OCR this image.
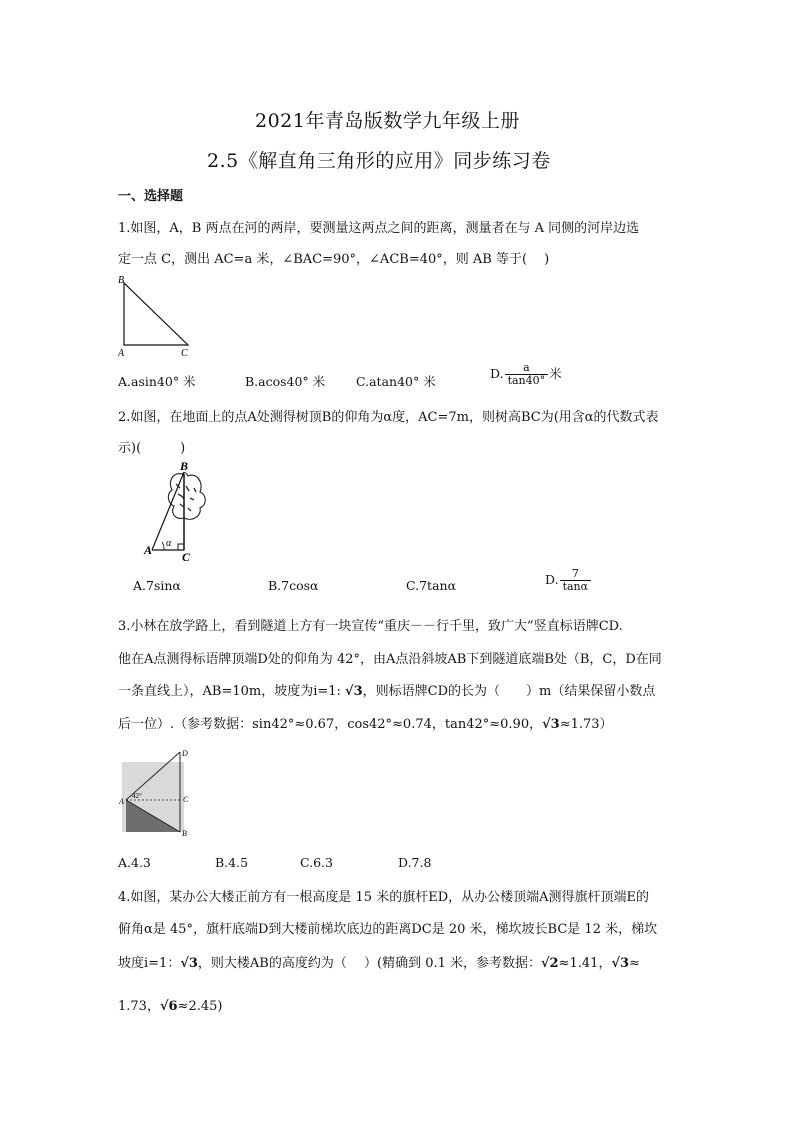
2021年青岛版数学九年级上册
2.5《解直角三角形的应用》同步练习卷
一、选择题
1.如图，A，B 两点在河的两岸，要测量这两点之间的距离，测量者在与 A 同侧的河岸边选
定一点 C，测出 AC=a 米，∠BAC=90°，∠ACB=40°，则 AB 等于(　 )
B
A	C
A.asin40° 米	B.acos40° 米 C.atan40° 米
D. $\frac{a}{\tan 40^\circ}$ 米
2.如图，在地面上的点A处测得树顶B的仰角为α度，AC=7m，则树高BC为(用含α的代数式表
示)(　　　)
B
A C
α
A.7sinα	B.7cosα	C.7tanα	D. $\frac{7}{\tan\alpha}$
3.小林在放学路上，看到隧道上方有一块宣传“重庆－－行千里，致广大”竖直标语牌CD.
他在A点测得标语牌顶端D处的仰角为 42°，由A点沿斜坡AB下到隧道底端B处（B，C，D在同
一条直线上），AB=10m，坡度为i=1: √3，则标语牌CD的长为（　　）m（结果保留小数点
后一位）.（参考数据：sin42°≈0.67，cos42°≈0.74，tan42°≈0.90，√3≈1.73）
D
C
A
B
42°
A.4.3	B.4.5	C.6.3	D.7.8
4.如图，某办公大楼正前方有一根高度是 15 米的旗杆ED，从办公楼顶端A测得旗杆顶端E的
俯角α是 45°，旗杆底端D到大楼前梯坎底边的距离DC是 20 米，梯坎坡长BC是 12 米，梯坎
坡度i=1：√3，则大楼AB的高度约为（　 ）(精确到 0.1 米，参考数据：√2≈1.41，√3≈
1.73，√6≈2.45)
